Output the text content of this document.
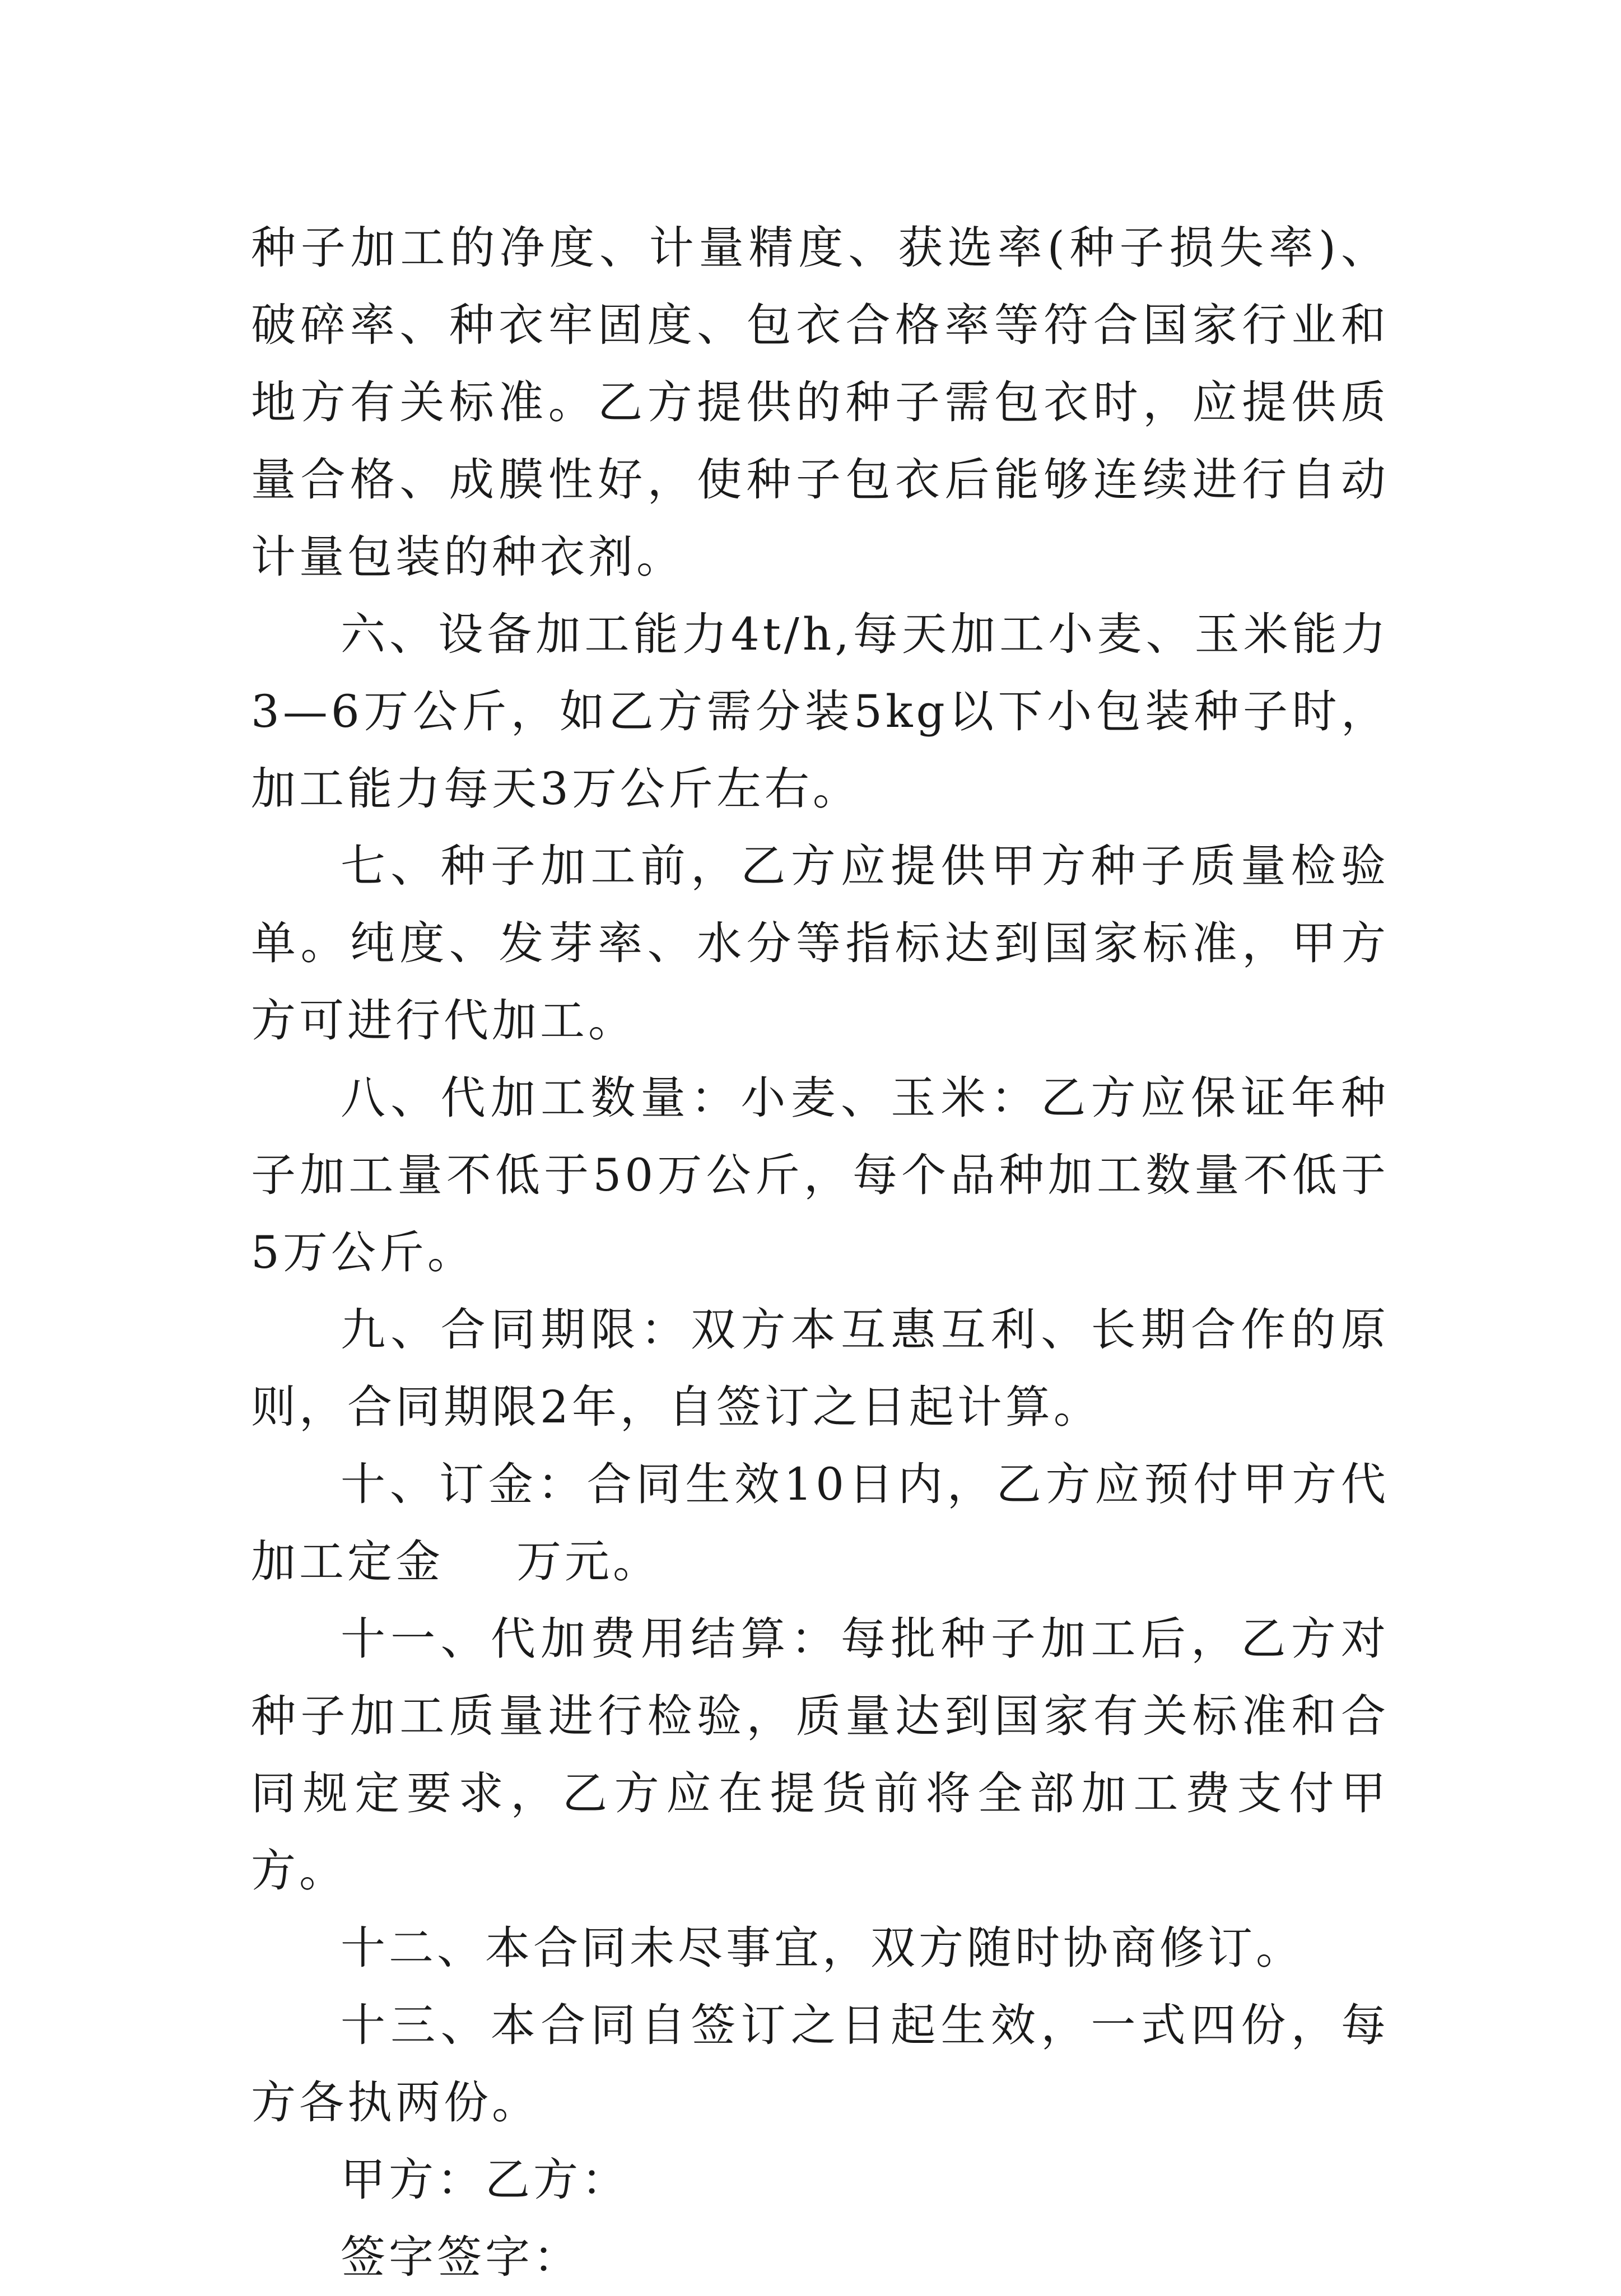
种子加工的净度、计量精度、获选率(种子损失率)、破碎率、种衣牢固度、包衣合格率等符合国家行业和地方有关标准。乙方提供的种子需包衣时，应提供质量合格、成膜性好，使种子包衣后能够连续进行自动计量包装的种衣剂。

六、设备加工能力4t/h,每天加工小麦、玉米能力3—6万公斤，如乙方需分装5kg以下小包装种子时，加工能力每天3万公斤左右。

七、种子加工前，乙方应提供甲方种子质量检验单。纯度、发芽率、水分等指标达到国家标准，甲方方可进行代加工。

八、代加工数量：小麦、玉米：乙方应保证年种子加工量不低于50万公斤，每个品种加工数量不低于5万公斤。

九、合同期限：双方本互惠互利、长期合作的原则，合同期限2年，自签订之日起计算。

十、订金：合同生效10日内，乙方应预付甲方代加工定金 万元。

十一、代加费用结算：每批种子加工后，乙方对种子加工质量进行检验，质量达到国家有关标准和合同规定要求，乙方应在提货前将全部加工费支付甲方。

十二、本合同未尽事宜，双方随时协商修订。

十三、本合同自签订之日起生效，一式四份，每方各执两份。

甲方：乙方：

签字签字：
